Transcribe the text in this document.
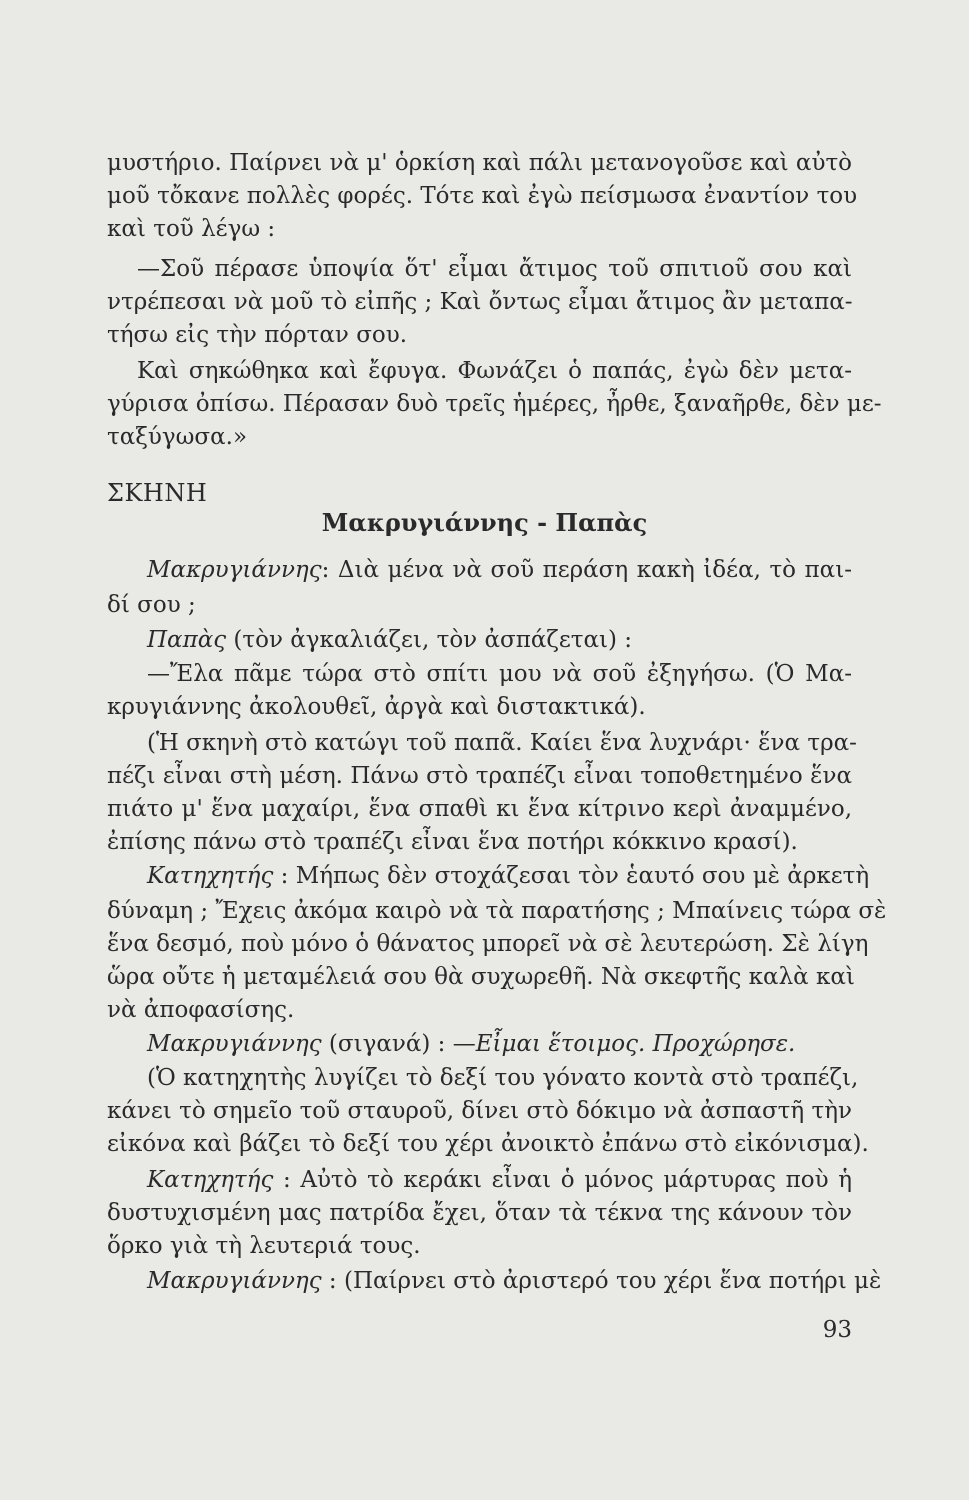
μυστήριο. Παίρνει νὰ μ' ὁρκίση καὶ πάλι μετανογοῦσε καὶ αὐτὸ
μοῦ τὄκανε πολλὲς φορές. Τότε καὶ ἐγὼ πείσμωσα ἐναντίον του
καὶ τοῦ λέγω :
—Σοῦ πέρασε ὑποψία ὅτ' εἶμαι ἄτιμος τοῦ σπιτιοῦ σου καὶ
ντρέπεσαι νὰ μοῦ τὸ εἰπῆς ; Καὶ ὄντως εἶμαι ἄτιμος ἂν μεταπα-
τήσω εἰς τὴν πόρταν σου.
Καὶ σηκώθηκα καὶ ἔφυγα. Φωνάζει ὁ παπάς, ἐγὼ δὲν μετα-
γύρισα ὀπίσω. Πέρασαν δυὸ τρεῖς ἡμέρες, ἦρθε, ξαναῆρθε, δὲν με-
ταξύγωσα.»
ΣΚΗΝΗ
Μακρυγιάννης - Παπὰς
Μακρυγιάννης: Διὰ μένα νὰ σοῦ περάση κακὴ ἰδέα, τὸ παι-
δί σου ;
Παπὰς (τὸν ἀγκαλιάζει, τὸν ἀσπάζεται) :
—Ἔλα πᾶμε τώρα στὸ σπίτι μου νὰ σοῦ ἐξηγήσω. (Ὁ Μα-
κρυγιάννης ἀκολουθεῖ, ἀργὰ καὶ διστακτικά).
(Ἡ σκηνὴ στὸ κατώγι τοῦ παπᾶ. Καίει ἕνα λυχνάρι· ἕνα τρα-
πέζι εἶναι στὴ μέση. Πάνω στὸ τραπέζι εἶναι τοποθετημένο ἕνα
πιάτο μ' ἕνα μαχαίρι, ἕνα σπαθὶ κι ἕνα κίτρινο κερὶ ἀναμμένο,
ἐπίσης πάνω στὸ τραπέζι εἶναι ἕνα ποτήρι κόκκινο κρασί).
Κατηχητής : Μήπως δὲν στοχάζεσαι τὸν ἑαυτό σου μὲ ἀρκετὴ
δύναμη ; Ἔχεις ἀκόμα καιρὸ νὰ τὰ παρατήσης ; Μπαίνεις τώρα σὲ
ἕνα δεσμό, ποὺ μόνο ὁ θάνατος μπορεῖ νὰ σὲ λευτερώση. Σὲ λίγη
ὥρα οὔτε ἡ μεταμέλειά σου θὰ συχωρεθῆ. Νὰ σκεφτῆς καλὰ καὶ
νὰ ἀποφασίσης.
Μακρυγιάννης (σιγανά) : —Εἶμαι ἕτοιμος. Προχώρησε.
(Ὁ κατηχητὴς λυγίζει τὸ δεξί του γόνατο κοντὰ στὸ τραπέζι,
κάνει τὸ σημεῖο τοῦ σταυροῦ, δίνει στὸ δόκιμο νὰ ἀσπαστῆ τὴν
εἰκόνα καὶ βάζει τὸ δεξί του χέρι ἀνοικτὸ ἐπάνω στὸ εἰκόνισμα).
Κατηχητής : Αὐτὸ τὸ κεράκι εἶναι ὁ μόνος μάρτυρας ποὺ ἡ
δυστυχισμένη μας πατρίδα ἔχει, ὅταν τὰ τέκνα της κάνουν τὸν
ὅρκο γιὰ τὴ λευτεριά τους.
Μακρυγιάννης : (Παίρνει στὸ ἀριστερό του χέρι ἕνα ποτήρι μὲ
93
